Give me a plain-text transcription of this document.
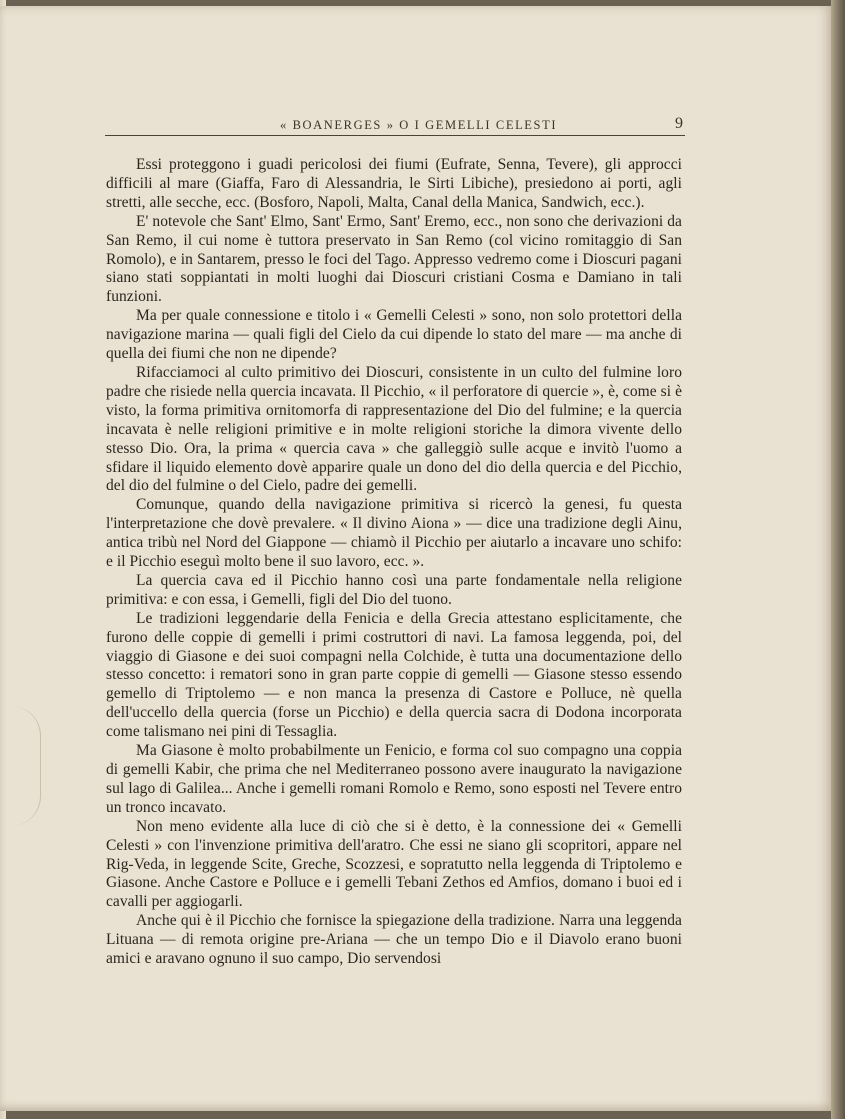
« BOANERGES » O I GEMELLI CELESTI	9

Essi proteggono i guadi pericolosi dei fiumi (Eufrate, Senna, Tevere), gli approcci difficili al mare (Giaffa, Faro di Alessandria, le Sirti Libiche), presiedono ai porti, agli stretti, alle secche, ecc. (Bosforo, Napoli, Malta, Canal della Manica, Sandwich, ecc.).

E' notevole che Sant' Elmo, Sant' Ermo, Sant' Eremo, ecc., non sono che derivazioni da San Remo, il cui nome è tuttora preservato in San Remo (col vicino romitaggio di San Romolo), e in Santarem, presso le foci del Tago. Appresso vedremo come i Dioscuri pagani siano stati soppiantati in molti luoghi dai Dioscuri cristiani Cosma e Damiano in tali funzioni.

Ma per quale connessione e titolo i « Gemelli Celesti » sono, non solo protettori della navigazione marina — quali figli del Cielo da cui dipende lo stato del mare — ma anche di quella dei fiumi che non ne dipende?

Rifacciamoci al culto primitivo dei Dioscuri, consistente in un culto del fulmine loro padre che risiede nella quercia incavata. Il Picchio, « il perforatore di quercie », è, come si è visto, la forma primitiva ornitomorfa di rappresentazione del Dio del fulmine; e la quercia incavata è nelle religioni primitive e in molte religioni storiche la dimora vivente dello stesso Dio. Ora, la prima « quercia cava » che galleggiò sulle acque e invitò l'uomo a sfidare il liquido elemento dovè apparire quale un dono del dio della quercia e del Picchio, del dio del fulmine o del Cielo, padre dei gemelli.

Comunque, quando della navigazione primitiva si ricercò la genesi, fu questa l'interpretazione che dovè prevalere. « Il divino Aiona » — dice una tradizione degli Ainu, antica tribù nel Nord del Giappone — chiamò il Picchio per aiutarlo a incavare uno schifo: e il Picchio eseguì molto bene il suo lavoro, ecc. ».

La quercia cava ed il Picchio hanno così una parte fondamentale nella religione primitiva: e con essa, i Gemelli, figli del Dio del tuono.

Le tradizioni leggendarie della Fenicia e della Grecia attestano esplicitamente, che furono delle coppie di gemelli i primi costruttori di navi. La famosa leggenda, poi, del viaggio di Giasone e dei suoi compagni nella Colchide, è tutta una documentazione dello stesso concetto: i rematori sono in gran parte coppie di gemelli — Giasone stesso essendo gemello di Triptolemo — e non manca la presenza di Castore e Polluce, nè quella dell'uccello della quercia (forse un Picchio) e della quercia sacra di Dodona incorporata come talismano nei pini di Tessaglia.

Ma Giasone è molto probabilmente un Fenicio, e forma col suo compagno una coppia di gemelli Kabir, che prima che nel Mediterraneo possono avere inaugurato la navigazione sul lago di Galilea... Anche i gemelli romani Romolo e Remo, sono esposti nel Tevere entro un tronco incavato.

Non meno evidente alla luce di ciò che si è detto, è la connessione dei « Gemelli Celesti » con l'invenzione primitiva dell'aratro. Che essi ne siano gli scopritori, appare nel Rig-Veda, in leggende Scite, Greche, Scozzesi, e sopratutto nella leggenda di Triptolemo e Giasone. Anche Castore e Polluce e i gemelli Tebani Zethos ed Amfios, domano i buoi ed i cavalli per aggiogarli.

Anche qui è il Picchio che fornisce la spiegazione della tradizione. Narra una leggenda Lituana — di remota origine pre-Ariana — che un tempo Dio e il Diavolo erano buoni amici e aravano ognuno il suo campo, Dio servendosi
